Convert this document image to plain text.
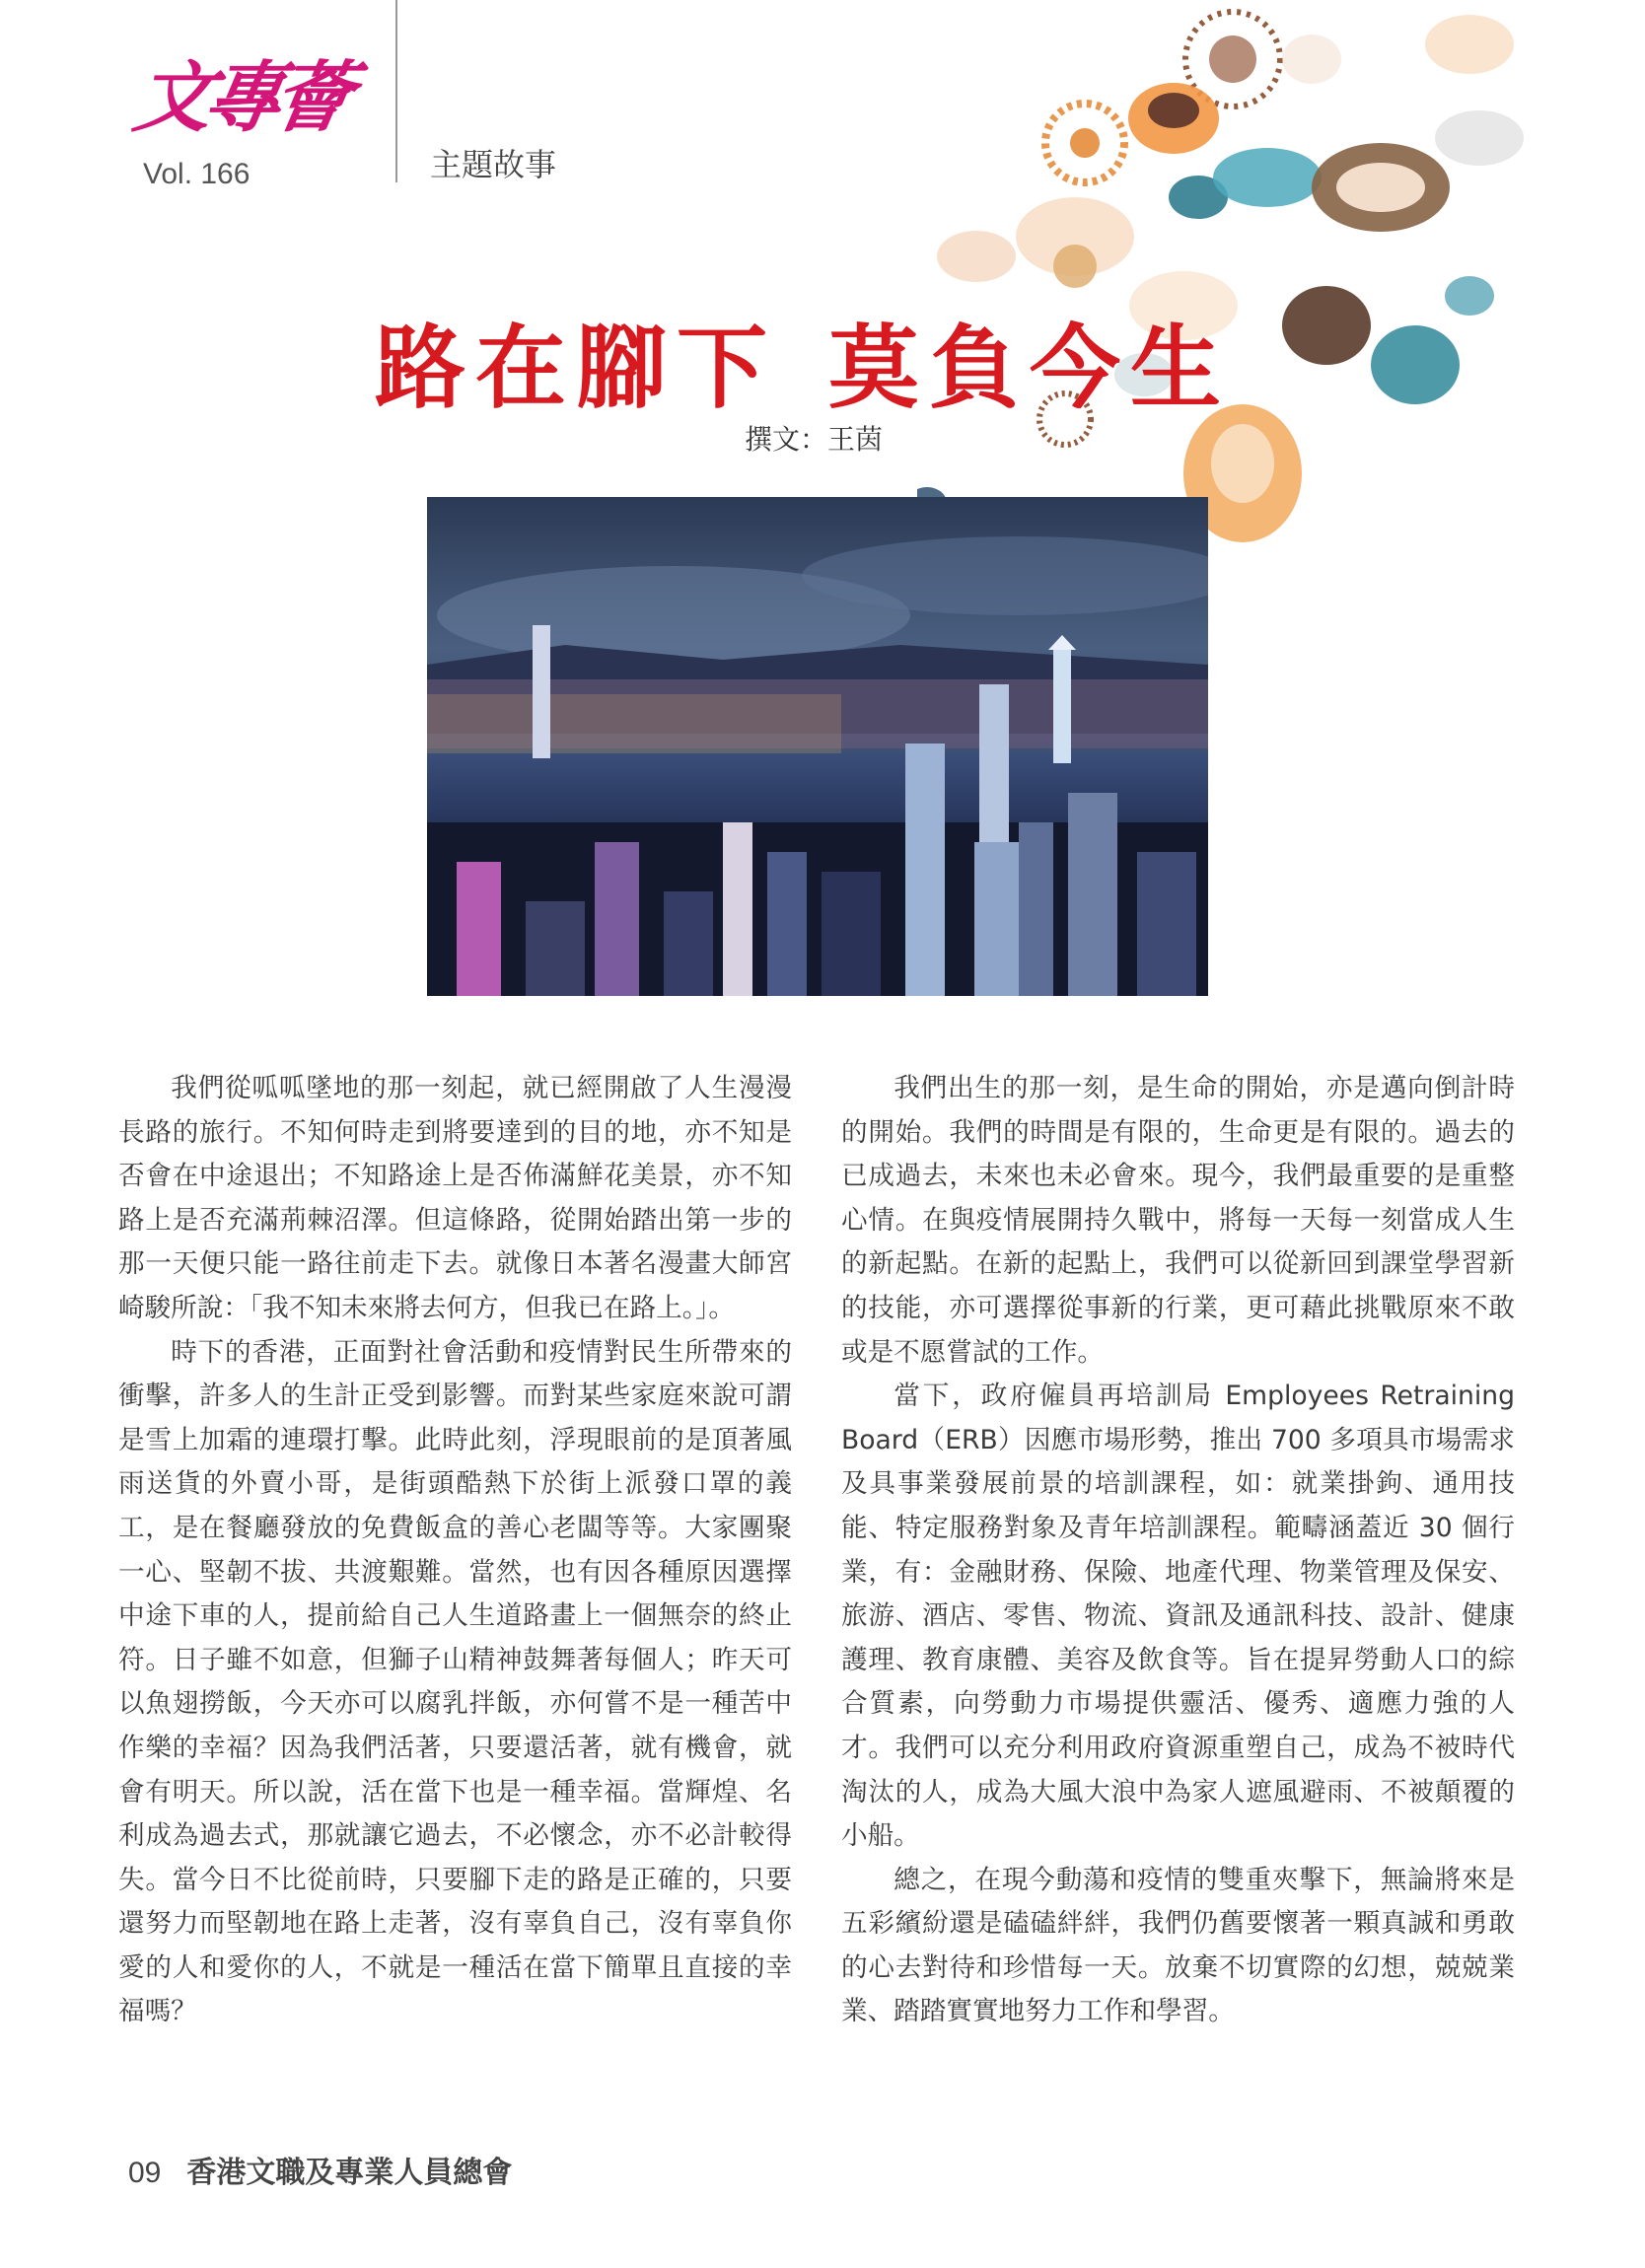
文專薈
Vol. 166	主題故事
路在腳下 莫負今生
撰文：王茵

我們從呱呱墜地的那一刻起，就已經開啟了人生漫漫長路的旅行。不知何時走到將要達到的目的地，亦不知是否會在中途退出；不知路途上是否佈滿鮮花美景，亦不知路上是否充滿荊棘沼澤。但這條路，從開始踏出第一步的那一天便只能一路往前走下去。就像日本著名漫畫大師宮崎駿所說：「我不知未來將去何方，但我已在路上。」。

時下的香港，正面對社會活動和疫情對民生所帶來的衝擊，許多人的生計正受到影響。而對某些家庭來說可謂是雪上加霜的連環打擊。此時此刻，浮現眼前的是頂著風雨送貨的外賣小哥，是街頭酷熱下於街上派發口罩的義工，是在餐廳發放的免費飯盒的善心老闆等等。大家團聚一心、堅韌不拔、共渡艱難。當然，也有因各種原因選擇中途下車的人，提前給自己人生道路畫上一個無奈的終止符。日子雖不如意，但獅子山精神鼓舞著每個人；昨天可以魚翅撈飯，今天亦可以腐乳拌飯，亦何嘗不是一種苦中作樂的幸福？因為我們活著，只要還活著，就有機會，就會有明天。所以說，活在當下也是一種幸福。當輝煌、名利成為過去式，那就讓它過去，不必懷念，亦不必計較得失。當今日不比從前時，只要腳下走的路是正確的，只要還努力而堅韌地在路上走著，沒有辜負自己，沒有辜負你愛的人和愛你的人，不就是一種活在當下簡單且直接的幸福嗎？

我們出生的那一刻，是生命的開始，亦是邁向倒計時的開始。我們的時間是有限的，生命更是有限的。過去的已成過去，未來也未必會來。現今，我們最重要的是重整心情。在與疫情展開持久戰中，將每一天每一刻當成人生的新起點。在新的起點上，我們可以從新回到課堂學習新的技能，亦可選擇從事新的行業，更可藉此挑戰原來不敢或是不愿嘗試的工作。

當下，政府僱員再培訓局 Employees Retraining Board（ERB）因應市場形勢，推出 700 多項具市場需求及具事業發展前景的培訓課程，如：就業掛鉤、通用技能、特定服務對象及青年培訓課程。範疇涵蓋近 30 個行業，有：金融財務、保險、地產代理、物業管理及保安、旅游、酒店、零售、物流、資訊及通訊科技、設計、健康護理、教育康體、美容及飲食等。旨在提昇勞動人口的綜合質素，向勞動力市場提供靈活、優秀、適應力強的人才。我們可以充分利用政府資源重塑自己，成為不被時代淘汰的人，成為大風大浪中為家人遮風避雨、不被顛覆的小船。

總之，在現今動蕩和疫情的雙重夾擊下，無論將來是五彩繽紛還是磕磕絆絆，我們仍舊要懷著一顆真誠和勇敢的心去對待和珍惜每一天。放棄不切實際的幻想，兢兢業業、踏踏實實地努力工作和學習。

09 香港文職及專業人員總會
